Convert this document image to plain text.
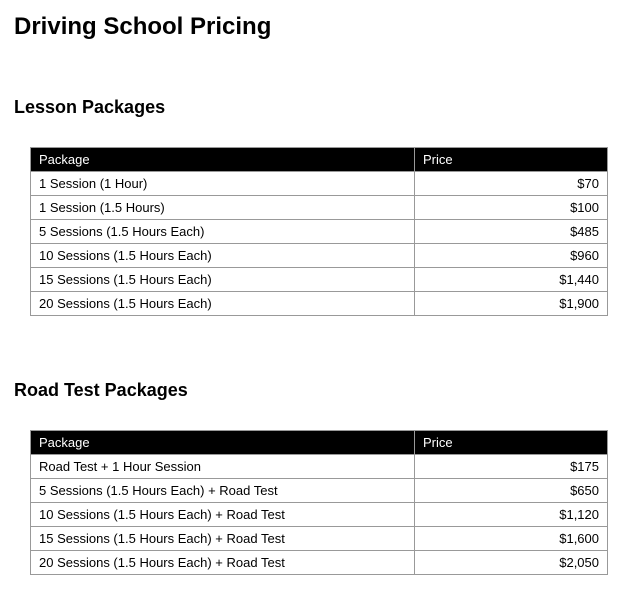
Driving School Pricing
Lesson Packages
Package	Price
1 Session (1 Hour)	$70
1 Session (1.5 Hours)	$100
5 Sessions (1.5 Hours Each)	$485
10 Sessions (1.5 Hours Each)	$960
15 Sessions (1.5 Hours Each)	$1,440
20 Sessions (1.5 Hours Each)	$1,900
Road Test Packages
Package	Price
Road Test + 1 Hour Session	$175
5 Sessions (1.5 Hours Each) + Road Test	$650
10 Sessions (1.5 Hours Each) + Road Test	$1,120
15 Sessions (1.5 Hours Each) + Road Test	$1,600
20 Sessions (1.5 Hours Each) + Road Test	$2,050
